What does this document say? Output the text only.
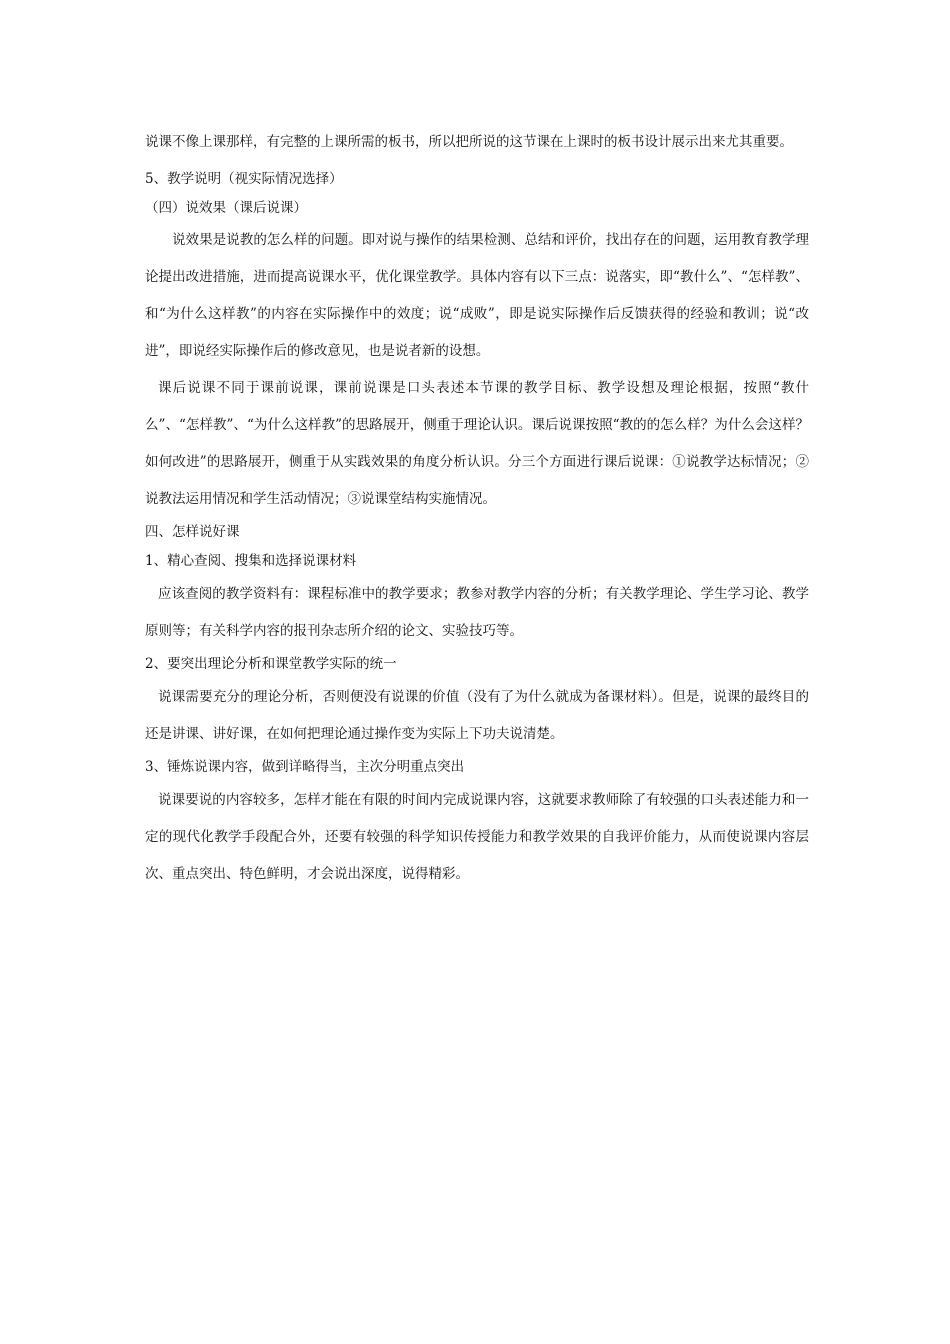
说课不像上课那样，有完整的上课所需的板书，所以把所说的这节课在上课时的板书设计展示出来尤其重要。

5、教学说明（视实际情况选择）

（四）说效果（课后说课）

说效果是说教的怎么样的问题。即对说与操作的结果检测、总结和评价，找出存在的问题，运用教育教学理论提出改进措施，进而提高说课水平，优化课堂教学。具体内容有以下三点：说落实，即“教什么”、“怎样教”、和“为什么这样教”的内容在实际操作中的效度；说“成败”，即是说实际操作后反馈获得的经验和教训；说“改进”，即说经实际操作后的修改意见，也是说者新的设想。

课后说课不同于课前说课，课前说课是口头表述本节课的教学目标、教学设想及理论根据，按照“教什么”、“怎样教”、“为什么这样教”的思路展开，侧重于理论认识。课后说课按照“教的的怎么样？为什么会这样？如何改进”的思路展开，侧重于从实践效果的角度分析认识。分三个方面进行课后说课：①说教学达标情况；②说教法运用情况和学生活动情况；③说课堂结构实施情况。

四、怎样说好课

1、精心查阅、搜集和选择说课材料

应该查阅的教学资料有：课程标准中的教学要求；教参对教学内容的分析；有关教学理论、学生学习论、教学原则等；有关科学内容的报刊杂志所介绍的论文、实验技巧等。

2、要突出理论分析和课堂教学实际的统一

说课需要充分的理论分析，否则便没有说课的价值（没有了为什么就成为备课材料）。但是，说课的最终目的还是讲课、讲好课，在如何把理论通过操作变为实际上下功夫说清楚。

3、锤炼说课内容，做到详略得当，主次分明重点突出

说课要说的内容较多，怎样才能在有限的时间内完成说课内容，这就要求教师除了有较强的口头表述能力和一定的现代化教学手段配合外，还要有较强的科学知识传授能力和教学效果的自我评价能力，从而使说课内容层次、重点突出、特色鲜明，才会说出深度，说得精彩。
